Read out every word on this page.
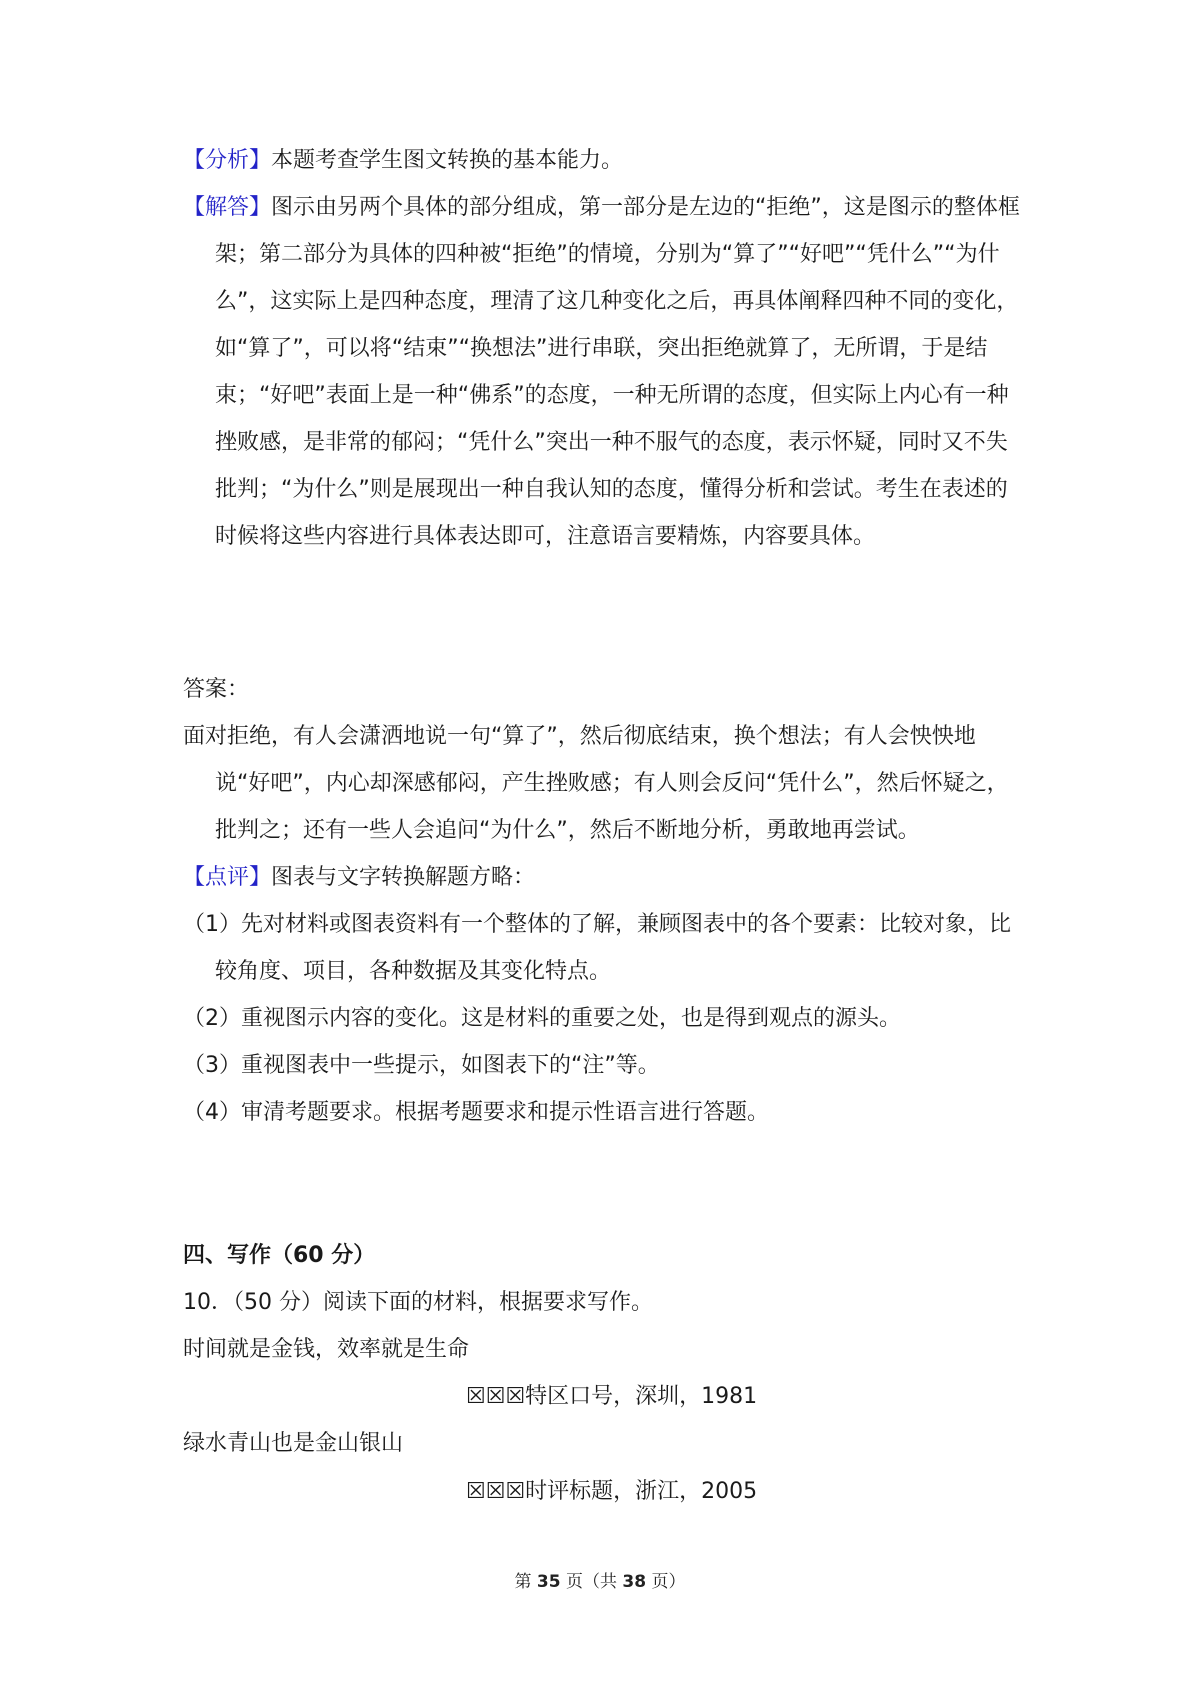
【分析】本题考查学生图文转换的基本能力。

【解答】图示由另两个具体的部分组成，第一部分是左边的“拒绝”，这是图示的整体框架；第二部分为具体的四种被“拒绝”的情境，分别为“算了”“好吧”“凭什么”“为什么”，这实际上是四种态度，理清了这几种变化之后，再具体阐释四种不同的变化，如“算了”，可以将“结束”“换想法”进行串联，突出拒绝就算了，无所谓，于是结束；“好吧”表面上是一种“佛系”的态度，一种无所谓的态度，但实际上内心有一种挫败感，是非常的郁闷；“凭什么”突出一种不服气的态度，表示怀疑，同时又不失批判；“为什么”则是展现出一种自我认知的态度，懂得分析和尝试。考生在表述的时候将这些内容进行具体表达即可，注意语言要精炼，内容要具体。

答案：

面对拒绝，有人会潇洒地说一句“算了”，然后彻底结束，换个想法；有人会怏怏地说“好吧”，内心却深感郁闷，产生挫败感；有人则会反问“凭什么”，然后怀疑之，批判之；还有一些人会追问“为什么”，然后不断地分析，勇敢地再尝试。

【点评】图表与文字转换解题方略：

（1）先对材料或图表资料有一个整体的了解，兼顾图表中的各个要素：比较对象，比较角度、项目，各种数据及其变化特点。

（2）重视图示内容的变化。这是材料的重要之处，也是得到观点的源头。

（3）重视图表中一些提示，如图表下的“注”等。

（4）审清考题要求。根据考题要求和提示性语言进行答题。

四、写作（60 分）

10．（50 分）阅读下面的材料，根据要求写作。

时间就是金钱，效率就是生命

☒☒☒特区口号，深圳，1981

绿水青山也是金山银山

☒☒☒时评标题，浙江，2005

第 35 页（共 38 页）
